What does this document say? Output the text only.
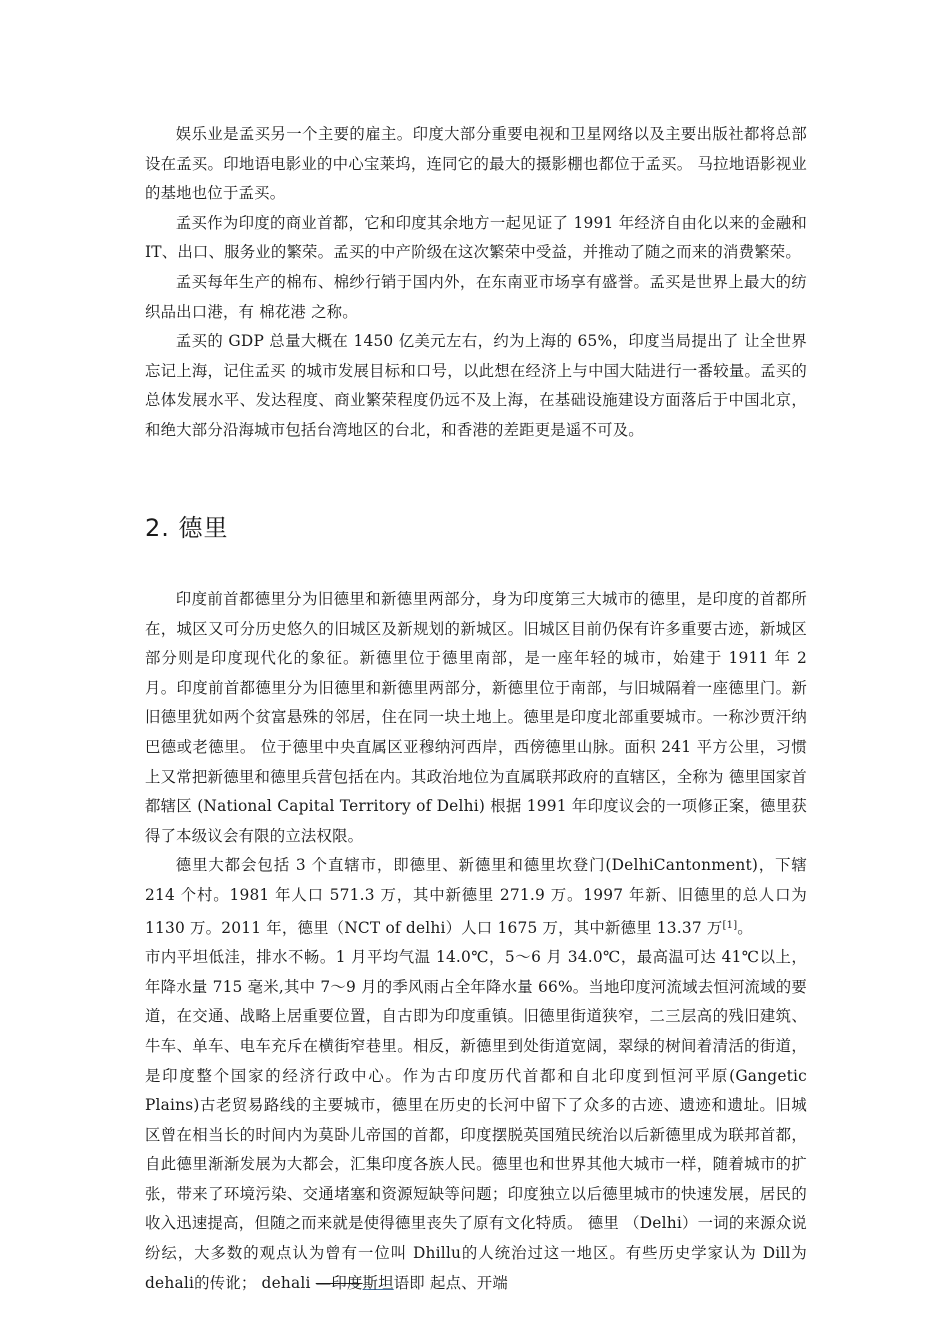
娱乐业是孟买另一个主要的雇主。印度大部分重要电视和卫星网络以及主要出版社都将总部设在孟买。印地语电影业的中心宝莱坞，连同它的最大的摄影棚也都位于孟买。 马拉地语影视业的基地也位于孟买。

孟买作为印度的商业首都，它和印度其余地方一起见证了 1991 年经济自由化以来的金融和 IT、出口、服务业的繁荣。孟买的中产阶级在这次繁荣中受益，并推动了随之而来的消费繁荣。

孟买每年生产的棉布、棉纱行销于国内外，在东南亚市场享有盛誉。孟买是世界上最大的纺织品出口港，有 棉花港 之称。

孟买的 GDP 总量大概在 1450 亿美元左右，约为上海的 65%，印度当局提出了 让全世界忘记上海，记住孟买 的城市发展目标和口号，以此想在经济上与中国大陆进行一番较量。孟买的总体发展水平、发达程度、商业繁荣程度仍远不及上海，在基础设施建设方面落后于中国北京，和绝大部分沿海城市包括台湾地区的台北，和香港的差距更是遥不可及。

2. 德里

印度前首都德里分为旧德里和新德里两部分，身为印度第三大城市的德里，是印度的首都所在，城区又可分历史悠久的旧城区及新规划的新城区。旧城区目前仍保有许多重要古迹，新城区部分则是印度现代化的象征。新德里位于德里南部，是一座年轻的城市，始建于 1911 年 2 月。印度前首都德里分为旧德里和新德里两部分，新德里位于南部，与旧城隔着一座德里门。新旧德里犹如两个贫富悬殊的邻居，住在同一块土地上。德里是印度北部重要城市。一称沙贾汗纳巴德或老德里。 位于德里中央直属区亚穆纳河西岸，西傍德里山脉。面积 241 平方公里，习惯上又常把新德里和德里兵营包括在内。其政治地位为直属联邦政府的直辖区，全称为 德里国家首都辖区 (National Capital Territory of Delhi) 根据 1991 年印度议会的一项修正案，德里获得了本级议会有限的立法权限。

德里大都会包括 3 个直辖市，即德里、新德里和德里坎登门(DelhiCantonment)，下辖 214 个村。1981 年人口 571.3 万，其中新德里 271.9 万。1997 年新、旧德里的总人口为 1130 万。2011 年，德里（NCT of delhi）人口 1675 万，其中新德里 13.37 万[1]。

市内平坦低洼，排水不畅。1 月平均气温 14.0℃，5～6 月 34.0℃，最高温可达 41℃以上，年降水量 715 毫米,其中 7～9 月的季风雨占全年降水量 66%。当地印度河流域去恒河流域的要道，在交通、战略上居重要位置，自古即为印度重镇。旧德里街道狭窄，二三层高的残旧建筑、牛车、单车、电车充斥在横街窄巷里。相反，新德里到处街道宽阔，翠绿的树间着清活的街道，是印度整个国家的经济行政中心。作为古印度历代首都和自北印度到恒河平原(Gangetic Plains)古老贸易路线的主要城市，德里在历史的长河中留下了众多的古迹、遗迹和遗址。旧城区曾在相当长的时间内为莫卧儿帝国的首都，印度摆脱英国殖民统治以后新德里成为联邦首都，自此德里渐渐发展为大都会，汇集印度各族人民。德里也和世界其他大城市一样，随着城市的扩张，带来了环境污染、交通堵塞和资源短缺等问题；印度独立以后德里城市的快速发展，居民的收入迅速提高，但随之而来就是使得德里丧失了原有文化特质。 德里 （Delhi）一词的来源众说纷纭，大多数的观点认为曾有一位叫 Dhillu的人统治过这一地区。有些历史学家认为 Dill为 dehali的传讹； dehali —印度斯坦语即 起点、开端
